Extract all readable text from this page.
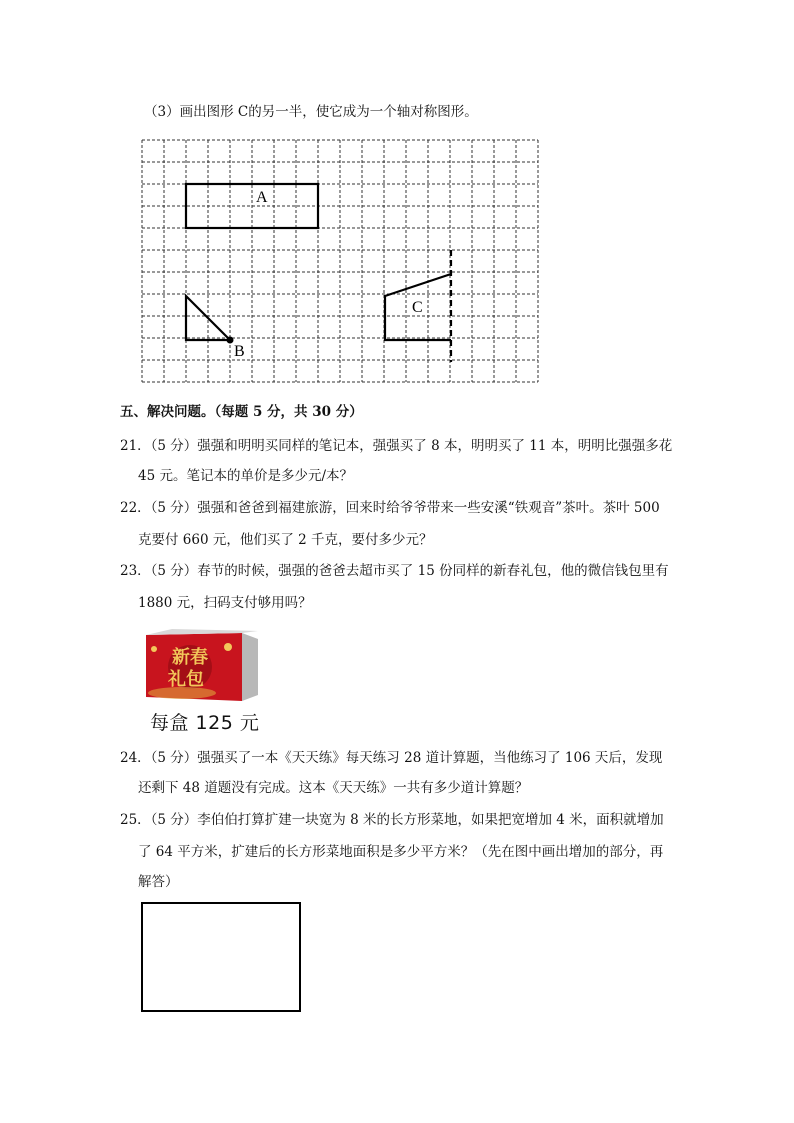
（3）画出图形 C的另一半，使它成为一个轴对称图形。
A
B
C
五、解决问题。（每题 5 分，共 30 分）
21．（5 分）强强和明明买同样的笔记本，强强买了 8 本，明明买了 11 本，明明比强强多花
45 元。笔记本的单价是多少元/本？
22．（5 分）强强和爸爸到福建旅游，回来时给爷爷带来一些安溪“铁观音”茶叶。茶叶 500
克要付 660 元，他们买了 2 千克，要付多少元？
23．（5 分）春节的时候，强强的爸爸去超市买了 15 份同样的新春礼包，他的微信钱包里有
1880 元，扫码支付够用吗？
新春
礼包
每盒 125 元
24．（5 分）强强买了一本《天天练》每天练习 28 道计算题，当他练习了 106 天后，发现
还剩下 48 道题没有完成。这本《天天练》一共有多少道计算题？
25．（5 分）李伯伯打算扩建一块宽为 8 米的长方形菜地，如果把宽增加 4 米，面积就增加
了 64 平方米，扩建后的长方形菜地面积是多少平方米？（先在图中画出增加的部分，再
解答）
